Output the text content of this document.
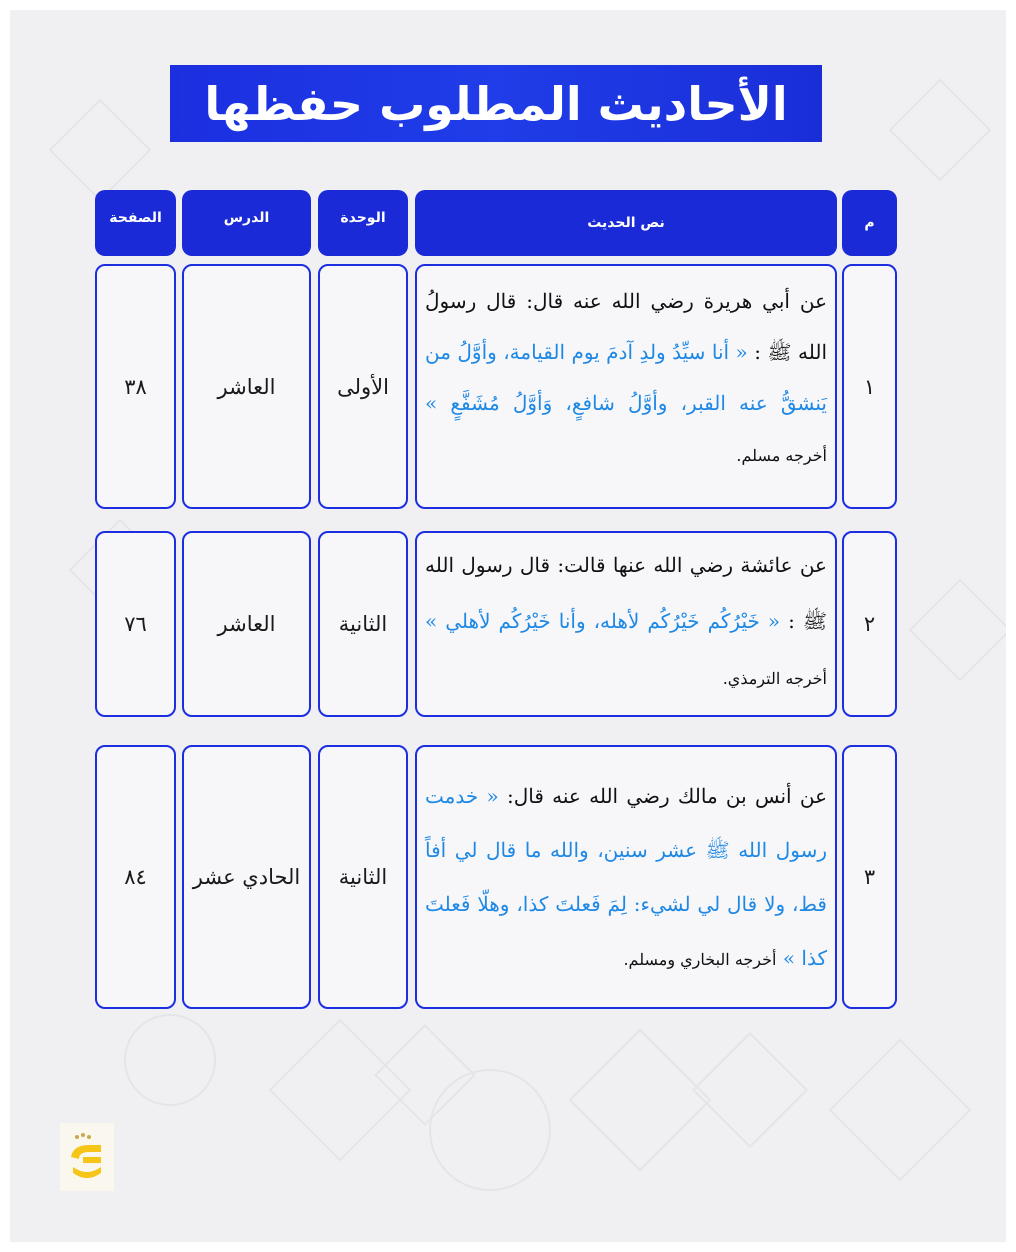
الأحاديث المطلوب حفظها
م
نص الحديث
الوحدة
الدرس
الصفحة
١
عن أبي هريرة رضي الله عنه قال: قال رسولُ الله ﷺ : « أنا سيِّدُ ولدِ آدمَ يوم القيامة، وأوَّلُ من يَنشقُّ عنه القبر، وأوَّلُ شافعٍ، وَأوَّلُ مُشَفَّعٍ » أخرجه مسلم.
الأولى
العاشر
٣٨
٢
عن عائشة رضي الله عنها قالت: قال رسول الله ﷺ : « خَيْرُكُم خَيْرُكُم لأهله، وأنا خَيْرُكُم لأهلي » أخرجه الترمذي.
الثانية
العاشر
٧٦
٣
عن أنس بن مالك رضي الله عنه قال: « خدمت رسول الله ﷺ عشر سنين، والله ما قال لي أفاً قط، ولا قال لي لشيء: لِمَ فَعلتَ كذا، وهلّا فَعلتَ كذا » أخرجه البخاري ومسلم.
الثانية
الحادي عشر
٨٤
